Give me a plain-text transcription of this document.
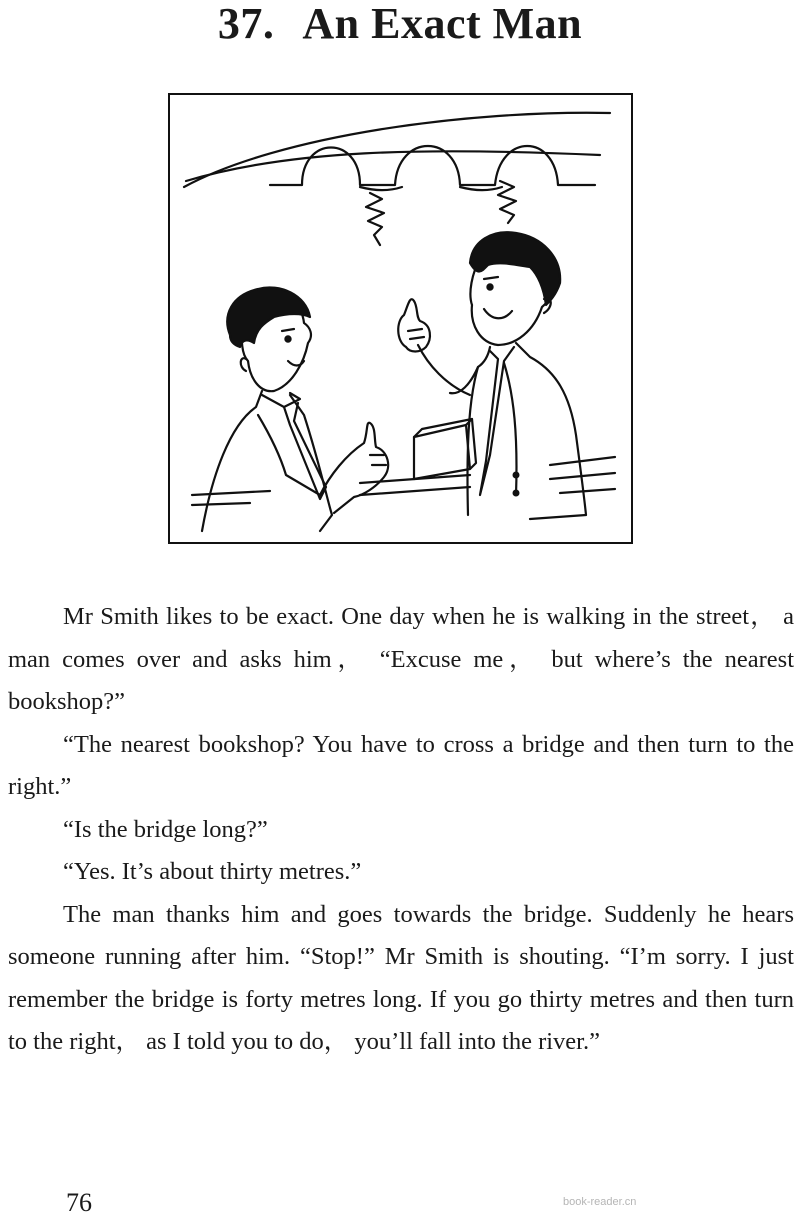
37. An Exact Man

Mr Smith likes to be exact. One day when he is walking in the street， a man comes over and asks him， “Excuse me， but where’s the nearest bookshop?”

“The nearest bookshop? You have to cross a bridge and then turn to the right.”

“Is the bridge long?”

“Yes. It’s about thirty metres.”

The man thanks him and goes towards the bridge. Suddenly he hears someone running after him. “Stop!” Mr Smith is shouting. “I’m sorry. I just remember the bridge is forty metres long. If you go thirty metres and then turn to the right， as I told you to do， you’ll fall into the river.”

76	book-reader.cn
